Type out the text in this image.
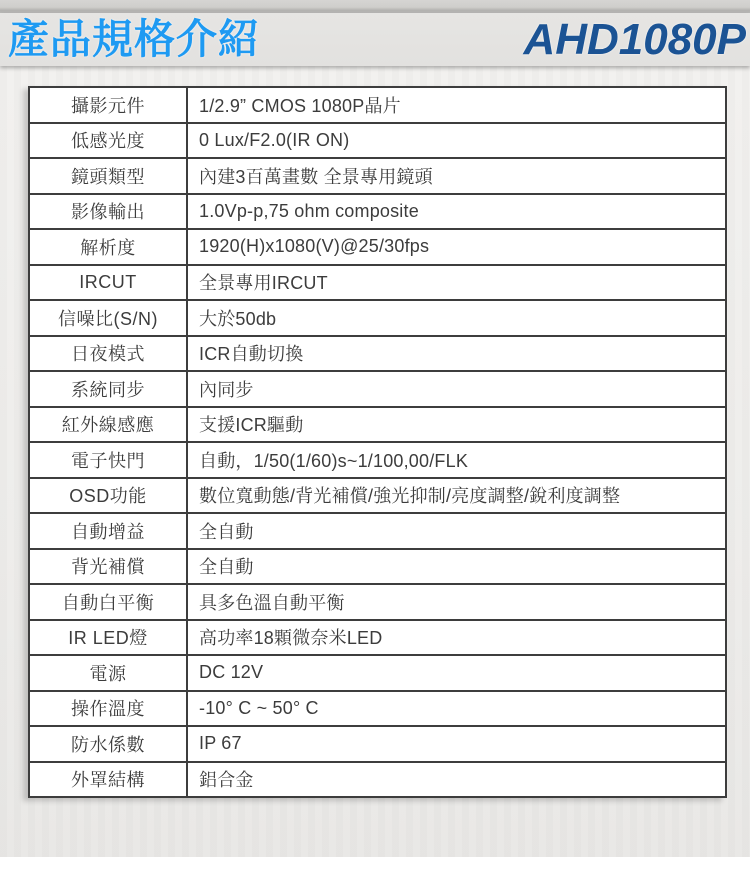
產品規格介紹	AHD1080P
攝影元件	1/2.9” CMOS 1080P晶片
低感光度	0 Lux/F2.0(IR ON)
鏡頭類型	內建3百萬畫數 全景專用鏡頭
影像輸出	1.0Vp-p,75 ohm composite
解析度	1920(H)x1080(V)@25/30fps
IRCUT	全景專用IRCUT
信噪比(S/N)	大於50db
日夜模式	ICR自動切換
系統同步	內同步
紅外線感應	支援ICR驅動
電子快門	自動，1/50(1/60)s~1/100,00/FLK
OSD功能	數位寬動態/背光補償/強光抑制/亮度調整/銳利度調整
自動增益	全自動
背光補償	全自動
自動白平衡	具多色溫自動平衡
IR LED燈	高功率18顆微奈米LED
電源	DC 12V
操作溫度	-10° C ~ 50° C
防水係數	IP 67
外罩結構	鋁合金
